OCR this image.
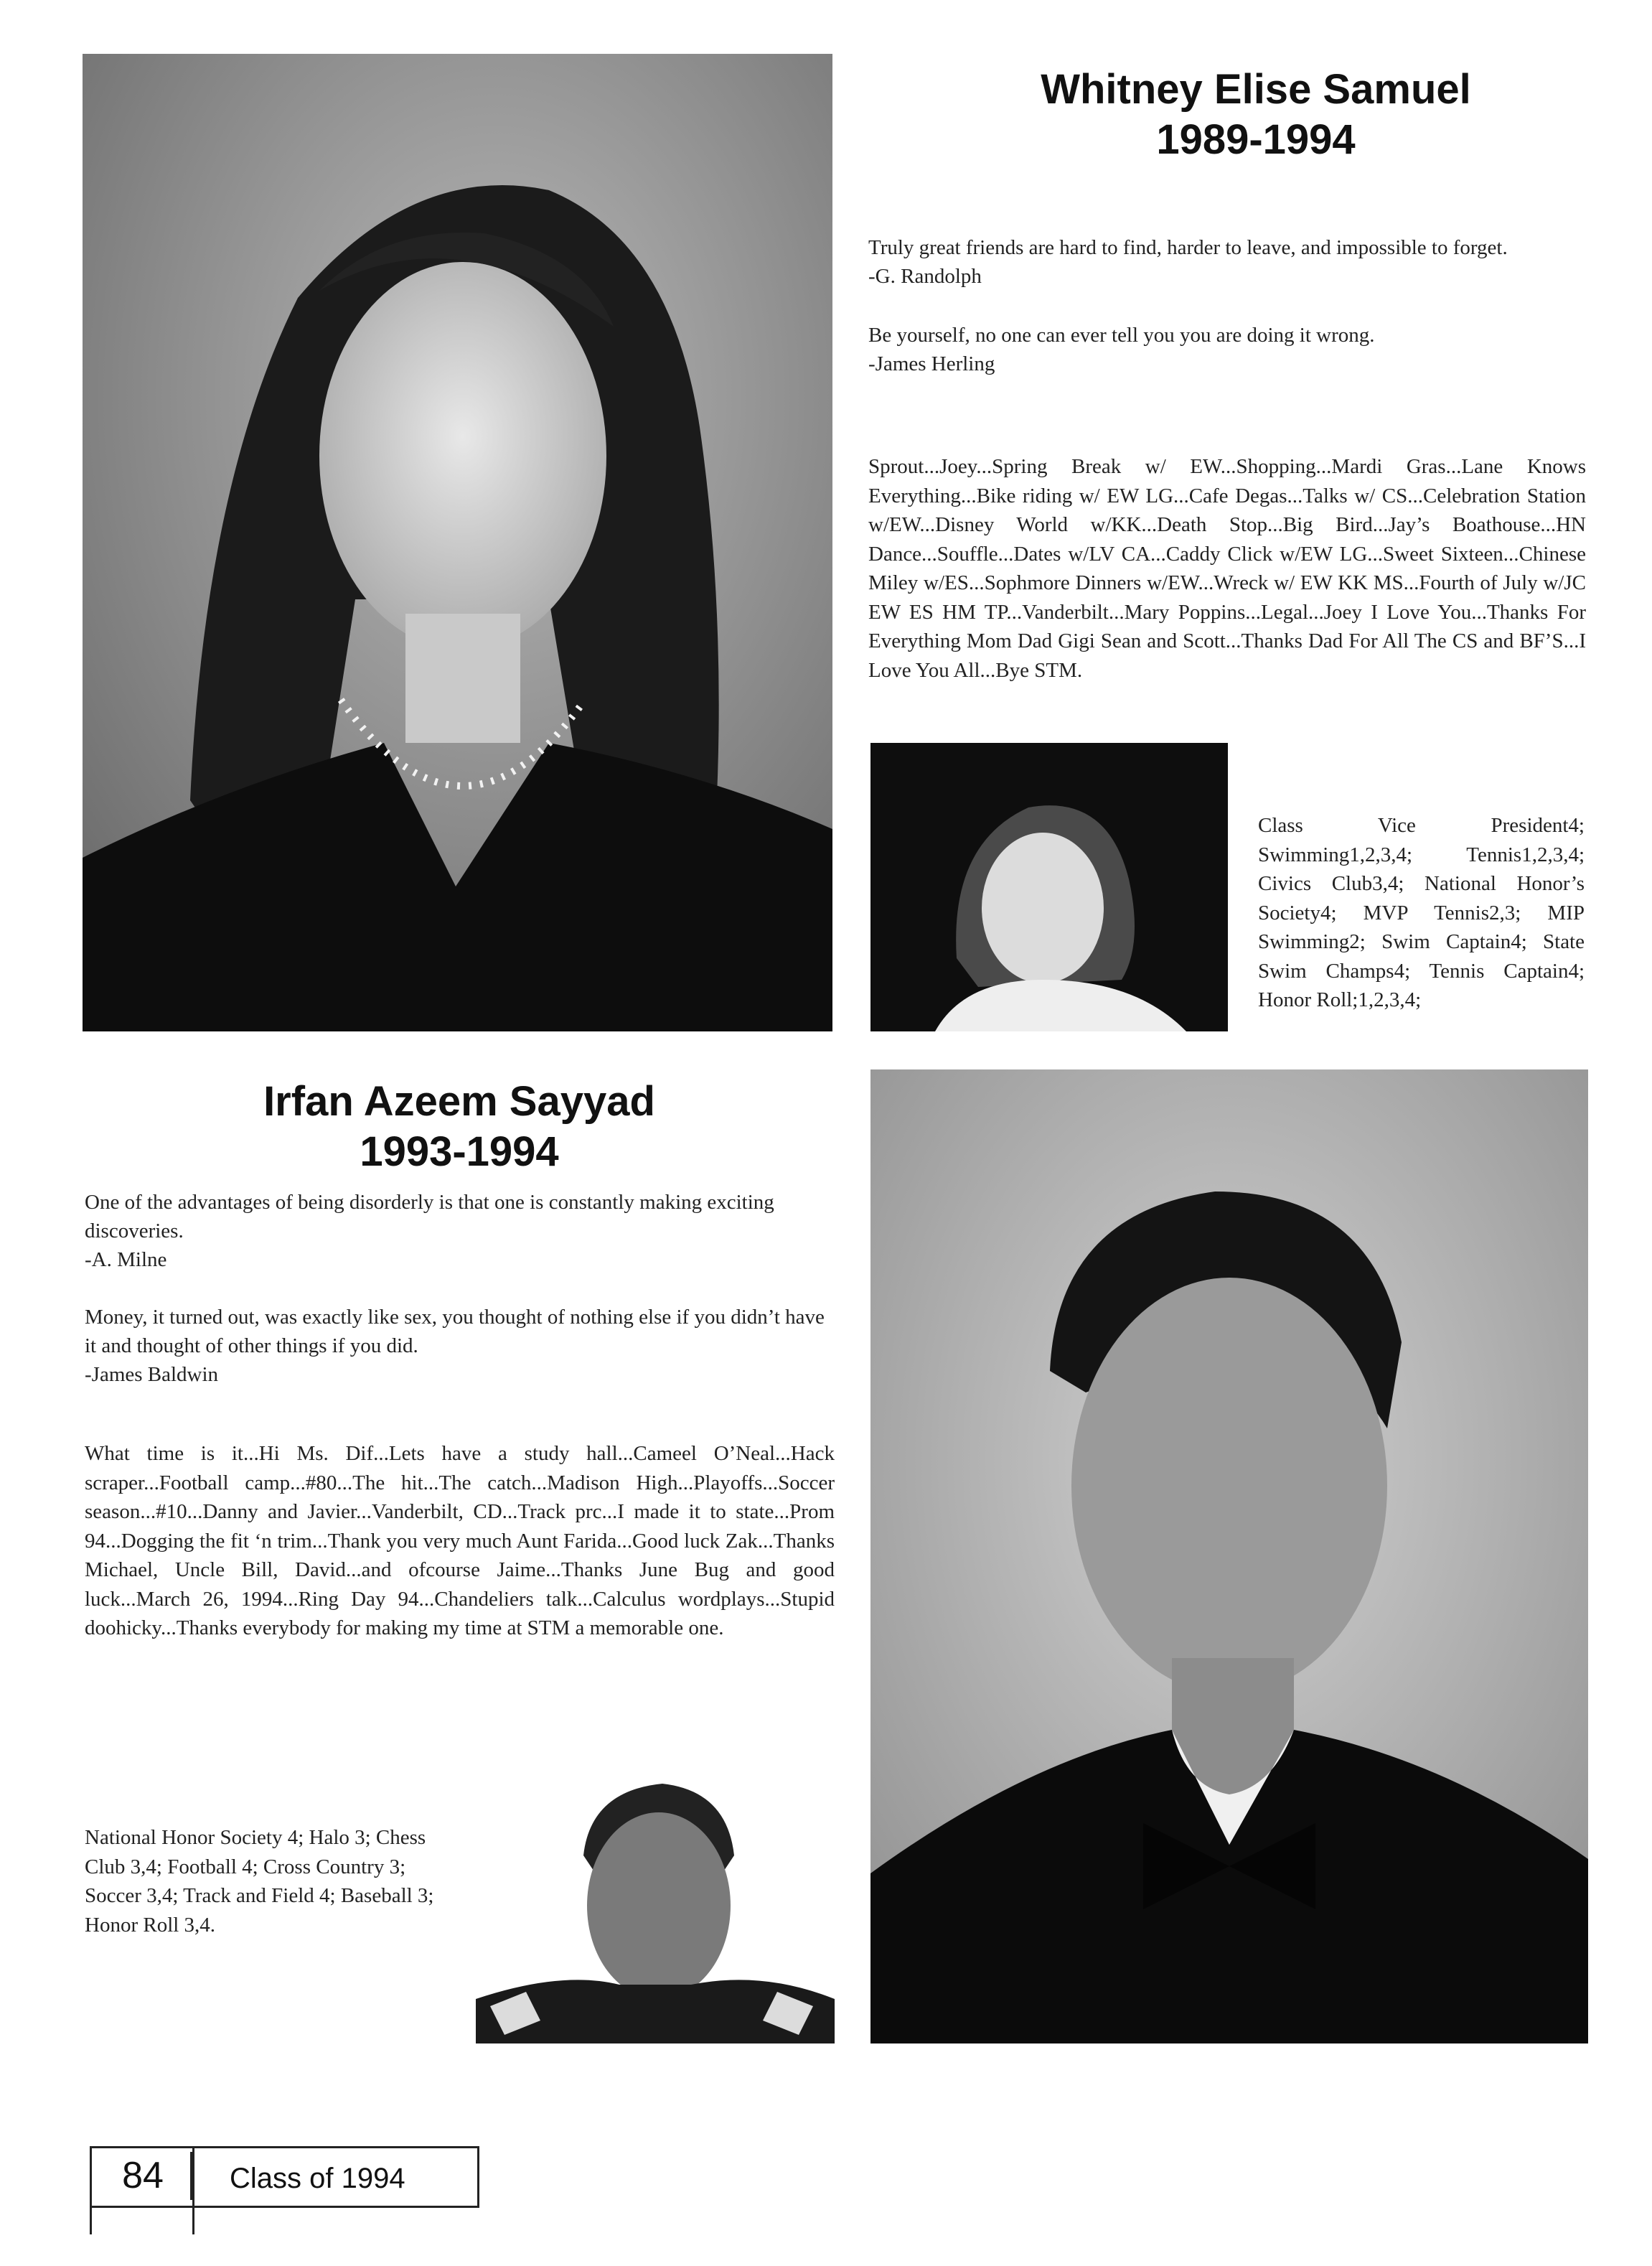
Whitney Elise Samuel
1989-1994

Truly great friends are hard to find, harder to leave, and impossible to forget.

-G. Randolph

Be yourself, no one can ever tell you you are doing it wrong.

-James Herling

Sprout...Joey...Spring Break w/ EW...Shopping...Mardi Gras...Lane Knows Everything...Bike riding w/ EW LG...Cafe Degas...Talks w/ CS...Celebration Station w/EW...Disney World w/KK...Death Stop...Big Bird...Jay’s Boathouse...HN Dance...Souffle...Dates w/LV CA...Caddy Click w/EW LG...Sweet Sixteen...Chinese Miley w/ES...Sophmore Dinners w/EW...Wreck w/ EW KK MS...Fourth of July w/JC EW ES HM TP...Vanderbilt...Mary Poppins...Legal...Joey I Love You...Thanks For Everything Mom Dad Gigi Sean and Scott...Thanks Dad For All The CS and BF’S...I Love You All...Bye STM.
Class Vice President4; Swimming1,2,3,4; Tennis1,2,3,4; Civics Club3,4; National Honor’s Society4; MVP Tennis2,3; MIP Swimming2; Swim Captain4; State Swim Champs4; Tennis Captain4; Honor Roll;1,2,3,4;
Irfan Azeem Sayyad
1993-1994

One of the advantages of being disorderly is that one is constantly making exciting discoveries.

-A. Milne

Money, it turned out, was exactly like sex, you thought of nothing else if you didn’t have it and thought of other things if you did.

-James Baldwin

What time is it...Hi Ms. Dif...Lets have a study hall...Cameel O’Neal...Hack scraper...Football camp...#80...The hit...The catch...Madison High...Playoffs...Soccer season...#10...Danny and Javier...Vanderbilt, CD...Track prc...I made it to state...Prom 94...Dogging the fit ‘n trim...Thank you very much Aunt Farida...Good luck Zak...Thanks Michael, Uncle Bill, David...and ofcourse Jaime...Thanks June Bug and good luck...March 26, 1994...Ring Day 94...Chandeliers talk...Calculus wordplays...Stupid doohicky...Thanks everybody for making my time at STM a memorable one.
National Honor Society 4; Halo 3; Chess Club 3,4; Football 4; Cross Country 3; Soccer 3,4; Track and Field 4; Baseball 3; Honor Roll 3,4.
84	Class of 1994
